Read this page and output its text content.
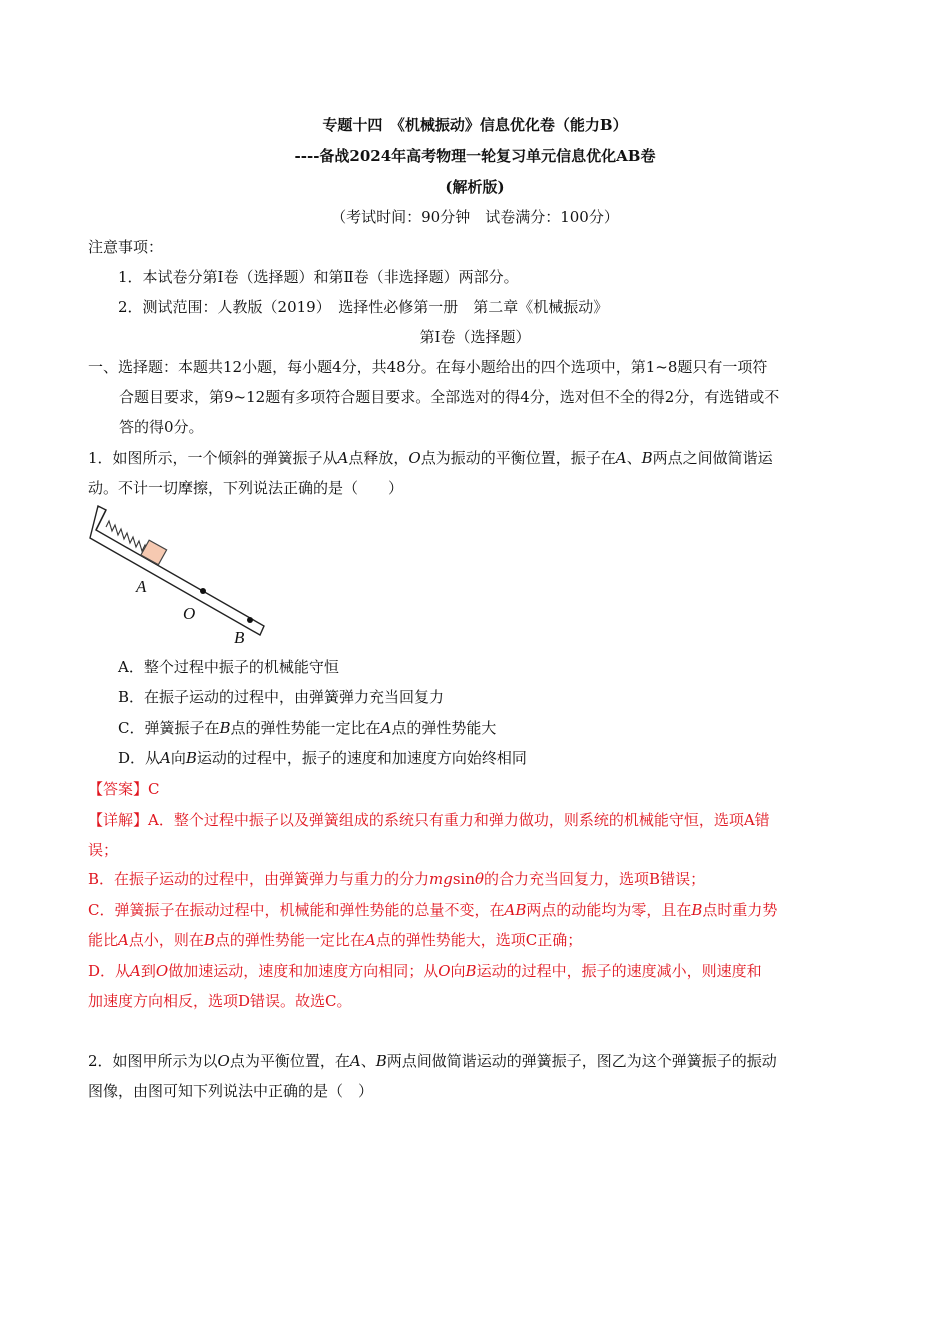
专题十四　《机械振动》信息优化卷（能力B）
----备战2024年高考物理一轮复习单元信息优化AB卷
(解析版)
（考试时间：90分钟　试卷满分：100分）
注意事项：
1．本试卷分第Ⅰ卷（选择题）和第Ⅱ卷（非选择题）两部分。
2．测试范围：人教版（2019）　选择性必修第一册　第二章《机械振动》
第Ⅰ卷（选择题）
一、选择题：本题共12小题，每小题4分，共48分。在每小题给出的四个选项中，第1~8题只有一项符
合题目要求，第9~12题有多项符合题目要求。全部选对的得4分，选对但不全的得2分，有选错或不
答的得0分。
1．如图所示，一个倾斜的弹簧振子从A点释放，O点为振动的平衡位置，振子在A、B两点之间做简谐运
动。不计一切摩擦，下列说法正确的是（　　）
A
O
B
A．整个过程中振子的机械能守恒
B．在振子运动的过程中，由弹簧弹力充当回复力
C．弹簧振子在B点的弹性势能一定比在A点的弹性势能大
D．从A向B运动的过程中，振子的速度和加速度方向始终相同
【答案】C
【详解】A．整个过程中振子以及弹簧组成的系统只有重力和弹力做功，则系统的机械能守恒，选项A错
误；
B．在振子运动的过程中，由弹簧弹力与重力的分力mgsinθ的合力充当回复力，选项B错误；
C．弹簧振子在振动过程中，机械能和弹性势能的总量不变，在AB两点的动能均为零，且在B点时重力势
能比A点小，则在B点的弹性势能一定比在A点的弹性势能大，选项C正确；
D．从A到O做加速运动，速度和加速度方向相同；从O向B运动的过程中，振子的速度减小，则速度和
加速度方向相反，选项D错误。故选C。
2．如图甲所示为以O点为平衡位置，在A、B两点间做简谐运动的弹簧振子，图乙为这个弹簧振子的振动
图像，由图可知下列说法中正确的是（　）
